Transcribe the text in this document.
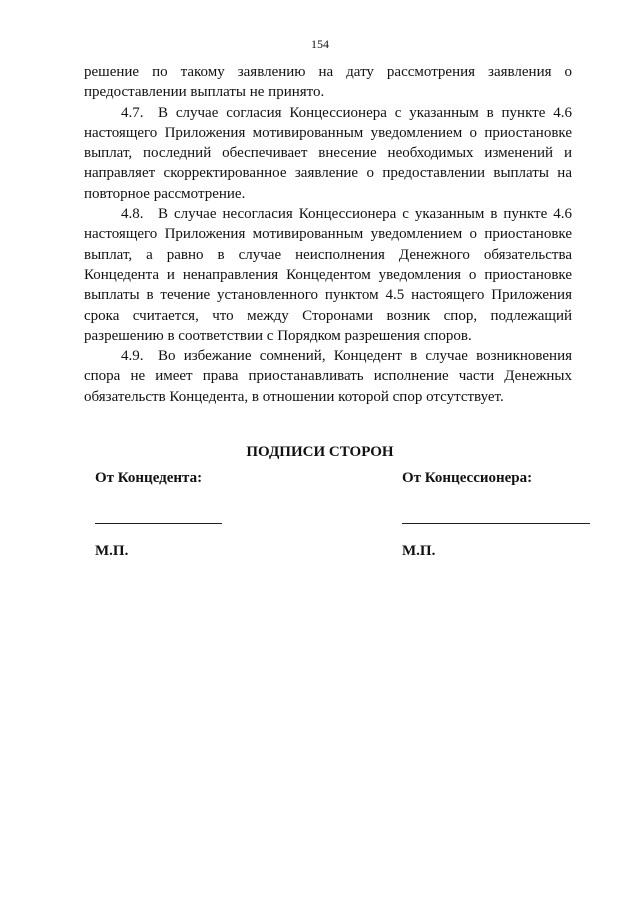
154

решение по такому заявлению на дату рассмотрения заявления о предоставлении выплаты не принято.

4.7. В случае согласия Концессионера с указанным в пункте 4.6 настоящего Приложения мотивированным уведомлением о приостановке выплат, последний обеспечивает внесение необходимых изменений и направляет скорректированное заявление о предоставлении выплаты на повторное рассмотрение.

4.8. В случае несогласия Концессионера с указанным в пункте 4.6 настоящего Приложения мотивированным уведомлением о приостановке выплат, а равно в случае неисполнения Денежного обязательства Концедента и ненаправления Концедентом уведомления о приостановке выплаты в течение установленного пунктом 4.5 настоящего Приложения срока считается, что между Сторонами возник спор, подлежащий разрешению в соответствии с Порядком разрешения споров.

4.9. Во избежание сомнений, Концедент в случае возникновения спора не имеет права приостанавливать исполнение части Денежных обязательств Концедента, в отношении которой спор отсутствует.

ПОДПИСИ СТОРОН
От Концедента:	От Концессионера:
М.П.	М.П.
